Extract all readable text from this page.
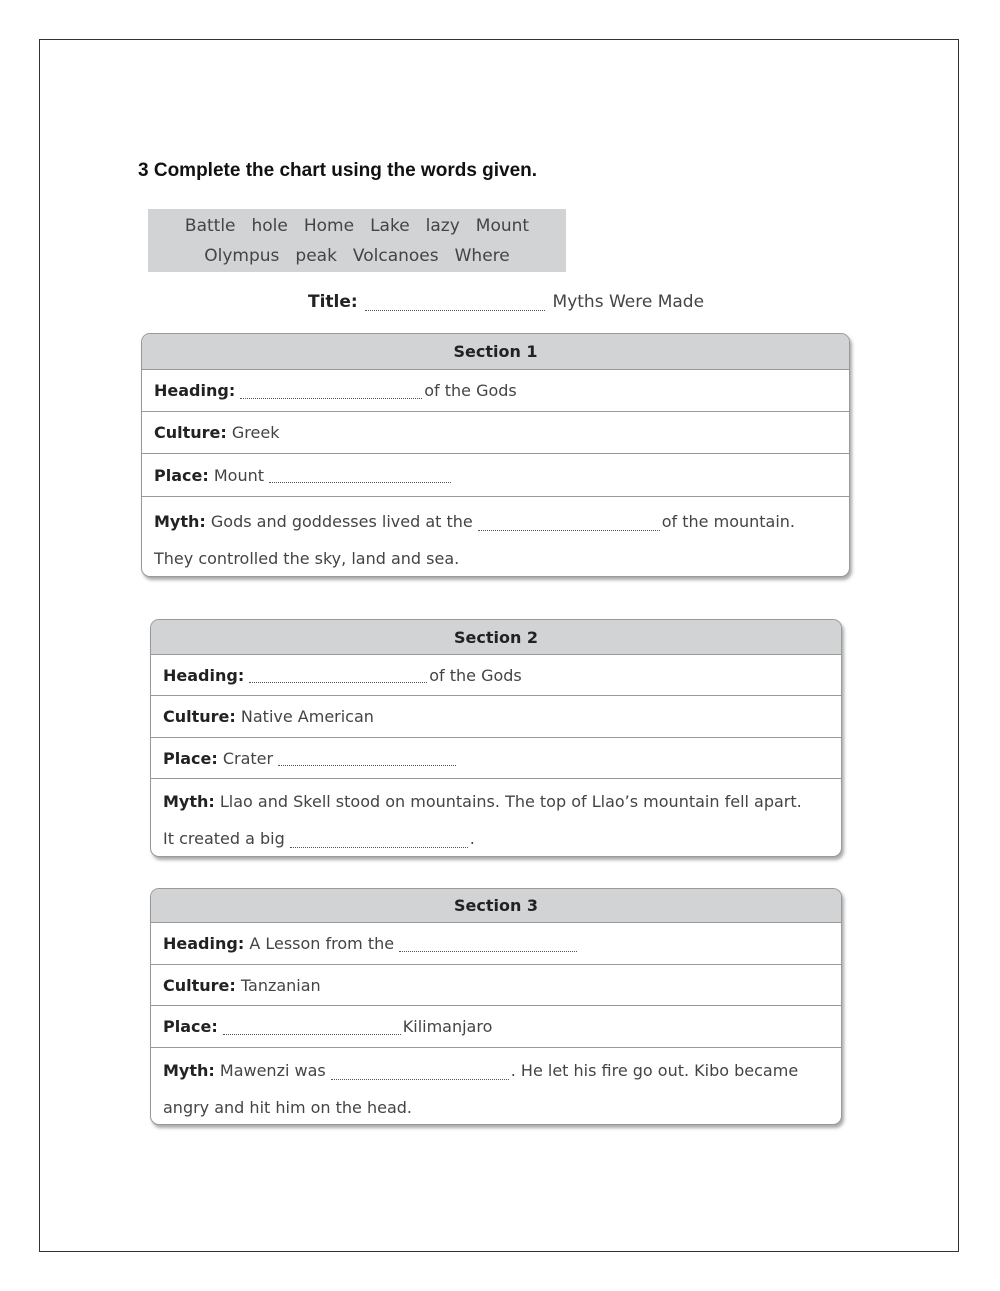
3 Complete the chart using the words given.
Battle hole Home Lake lazy Mount
Olympus peak Volcanoes Where
Title:	Myths Were Made
Section 1
Heading:	of the Gods
Culture:
Greek
Place:
Mount
Myth: Gods and goddesses lived at the	of the mountain.
They controlled the sky, land and sea.
Section 2
Heading:	of the Gods
Culture:
Native American
Place:
Crater
Myth: Llao and Skell stood on mountains. The top of Llao’s mountain fell apart.
It created a big	.
Section 3
Heading:
A Lesson from the
Culture:
Tanzanian
Place:	Kilimanjaro
Myth: Mawenzi was	. He let his fire go out. Kibo became
angry and hit him on the head.
